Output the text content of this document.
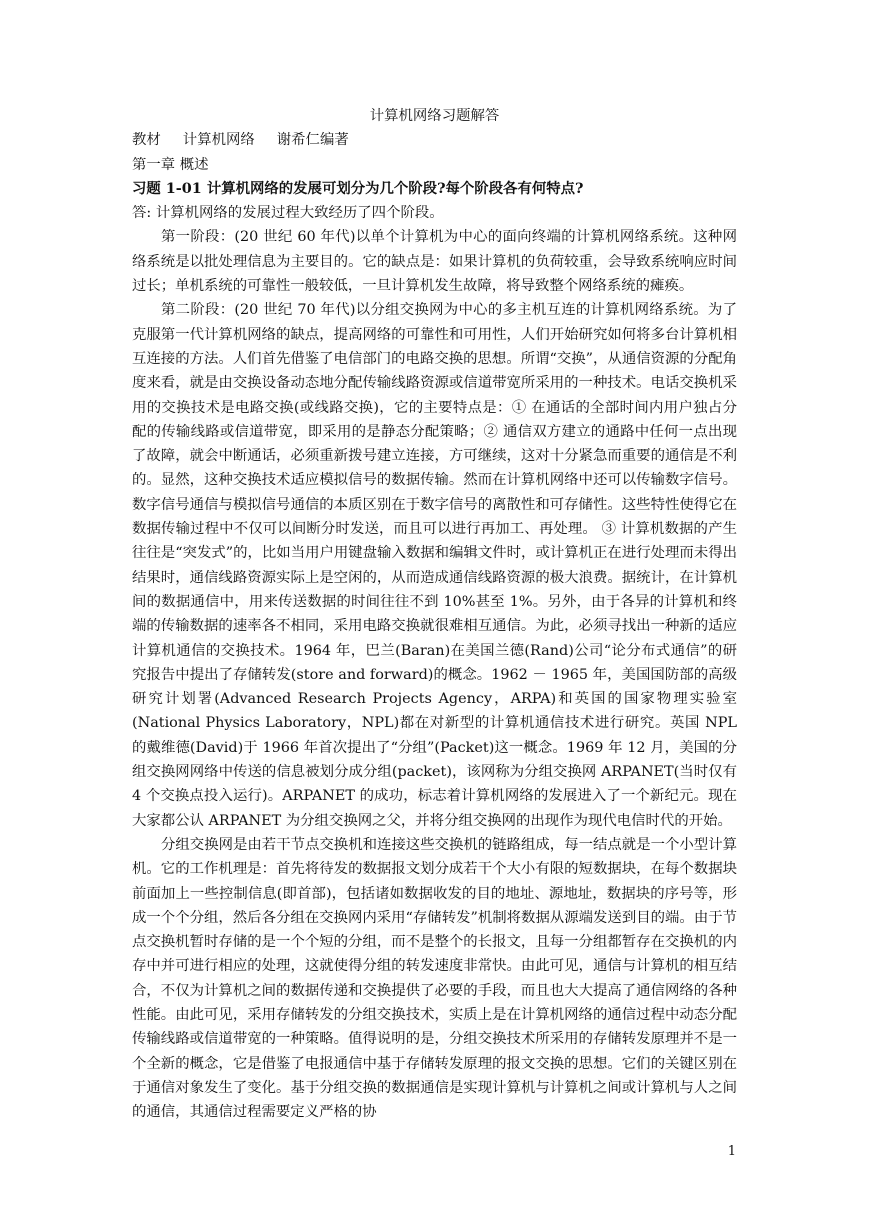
计算机网络习题解答

教材 计算机网络 谢希仁编著

第一章 概述

习题 1-01 计算机网络的发展可划分为几个阶段?每个阶段各有何特点?

答: 计算机网络的发展过程大致经历了四个阶段。

第一阶段：(20 世纪 60 年代)以单个计算机为中心的面向终端的计算机网络系统。这种网络系统是以批处理信息为主要目的。它的缺点是：如果计算机的负荷较重，会导致系统响应时间过长；单机系统的可靠性一般较低，一旦计算机发生故障，将导致整个网络系统的瘫痪。

第二阶段：(20 世纪 70 年代)以分组交换网为中心的多主机互连的计算机网络系统。为了克服第一代计算机网络的缺点，提高网络的可靠性和可用性，人们开始研究如何将多台计算机相互连接的方法。人们首先借鉴了电信部门的电路交换的思想。所谓“交换”，从通信资源的分配角度来看，就是由交换设备动态地分配传输线路资源或信道带宽所采用的一种技术。电话交换机采用的交换技术是电路交换(或线路交换)，它的主要特点是：① 在通话的全部时间内用户独占分配的传输线路或信道带宽，即采用的是静态分配策略；② 通信双方建立的通路中任何一点出现了故障，就会中断通话，必须重新拨号建立连接，方可继续，这对十分紧急而重要的通信是不利的。显然，这种交换技术适应模拟信号的数据传输。然而在计算机网络中还可以传输数字信号。数字信号通信与模拟信号通信的本质区别在于数字信号的离散性和可存储性。这些特性使得它在数据传输过程中不仅可以间断分时发送，而且可以进行再加工、再处理。 ③ 计算机数据的产生往往是“突发式”的，比如当用户用键盘输入数据和编辑文件时，或计算机正在进行处理而未得出结果时，通信线路资源实际上是空闲的，从而造成通信线路资源的极大浪费。据统计，在计算机间的数据通信中，用来传送数据的时间往往不到 10%甚至 1%。另外，由于各异的计算机和终端的传输数据的速率各不相同，采用电路交换就很难相互通信。为此，必须寻找出一种新的适应计算机通信的交换技术。1964 年，巴兰(Baran)在美国兰德(Rand)公司“论分布式通信”的研究报告中提出了存储转发(store and forward)的概念。1962 － 1965 年，美国国防部的高级研究计划署(Advanced Research Projects Agency，ARPA)和英国的国家物理实验室(National Physics Laboratory，NPL)都在对新型的计算机通信技术进行研究。英国 NPL 的戴维德(David)于 1966 年首次提出了“分组”(Packet)这一概念。1969 年 12 月，美国的分组交换网网络中传送的信息被划分成分组(packet)，该网称为分组交换网 ARPANET(当时仅有 4 个交换点投入运行)。ARPANET 的成功，标志着计算机网络的发展进入了一个新纪元。现在大家都公认 ARPANET 为分组交换网之父，并将分组交换网的出现作为现代电信时代的开始。

分组交换网是由若干节点交换机和连接这些交换机的链路组成，每一结点就是一个小型计算机。它的工作机理是：首先将待发的数据报文划分成若干个大小有限的短数据块，在每个数据块前面加上一些控制信息(即首部)，包括诸如数据收发的目的地址、源地址，数据块的序号等，形成一个个分组，然后各分组在交换网内采用“存储转发”机制将数据从源端发送到目的端。由于节点交换机暂时存储的是一个个短的分组，而不是整个的长报文，且每一分组都暂存在交换机的内存中并可进行相应的处理，这就使得分组的转发速度非常快。由此可见，通信与计算机的相互结合，不仅为计算机之间的数据传递和交换提供了必要的手段，而且也大大提高了通信网络的各种性能。由此可见，采用存储转发的分组交换技术，实质上是在计算机网络的通信过程中动态分配传输线路或信道带宽的一种策略。值得说明的是，分组交换技术所采用的存储转发原理并不是一个全新的概念，它是借鉴了电报通信中基于存储转发原理的报文交换的思想。它们的关键区别在于通信对象发生了变化。基于分组交换的数据通信是实现计算机与计算机之间或计算机与人之间的通信，其通信过程需要定义严格的协

1
